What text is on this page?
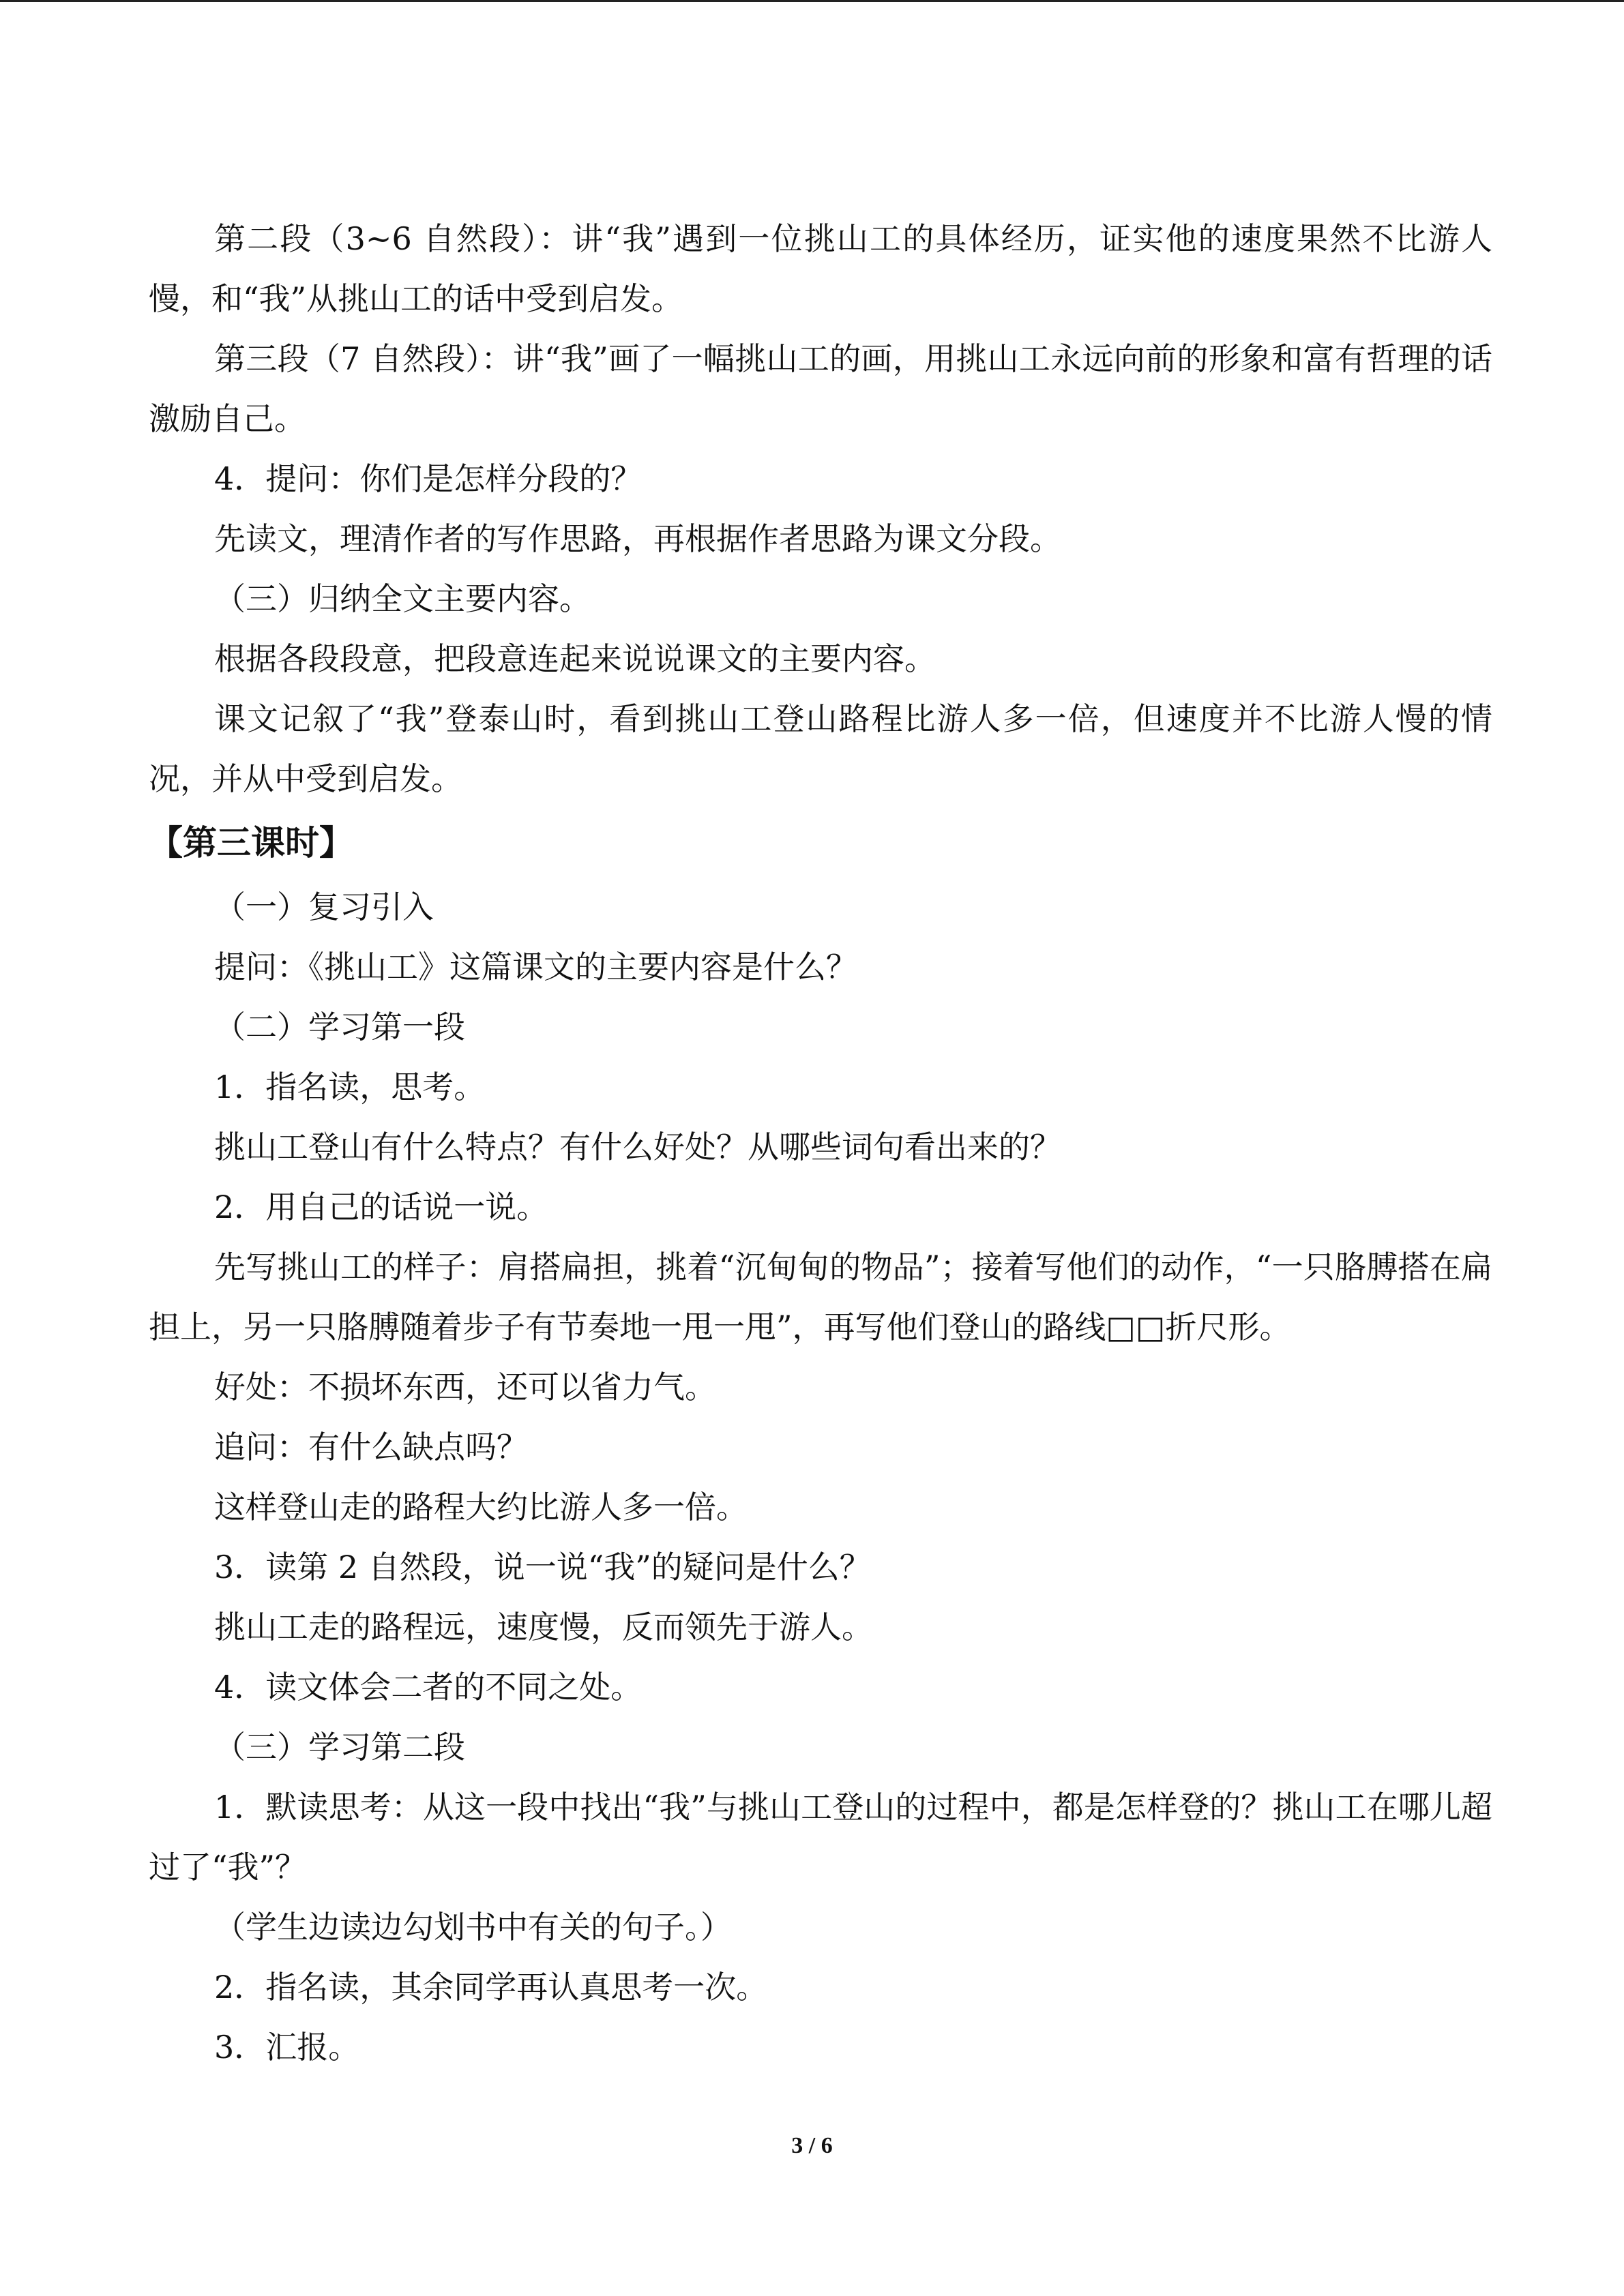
第二段（3~6 自然段）：讲“我”遇到一位挑山工的具体经历，证实他的速度果然不比游人慢，和“我”从挑山工的话中受到启发。

第三段（7 自然段）：讲“我”画了一幅挑山工的画，用挑山工永远向前的形象和富有哲理的话激励自己。

4．提问：你们是怎样分段的？

先读文，理清作者的写作思路，再根据作者思路为课文分段。

（三）归纳全文主要内容。

根据各段段意，把段意连起来说说课文的主要内容。

课文记叙了“我”登泰山时，看到挑山工登山路程比游人多一倍，但速度并不比游人慢的情况，并从中受到启发。

【第三课时】

（一）复习引入

提问：《挑山工》这篇课文的主要内容是什么？

（二）学习第一段

1．指名读，思考。

挑山工登山有什么特点？有什么好处？从哪些词句看出来的？

2．用自己的话说一说。

先写挑山工的样子：肩搭扁担，挑着“沉甸甸的物品”；接着写他们的动作，“一只胳膊搭在扁担上，另一只胳膊随着步子有节奏地一甩一甩”，再写他们登山的路线□□折尺形。

好处：不损坏东西，还可以省力气。

追问：有什么缺点吗？

这样登山走的路程大约比游人多一倍。

3．读第 2 自然段，说一说“我”的疑问是什么？

挑山工走的路程远，速度慢，反而领先于游人。

4．读文体会二者的不同之处。

（三）学习第二段

1．默读思考：从这一段中找出“我”与挑山工登山的过程中，都是怎样登的？挑山工在哪儿超过了“我”？

（学生边读边勾划书中有关的句子。）

2．指名读，其余同学再认真思考一次。

3．汇报。

3 / 6
